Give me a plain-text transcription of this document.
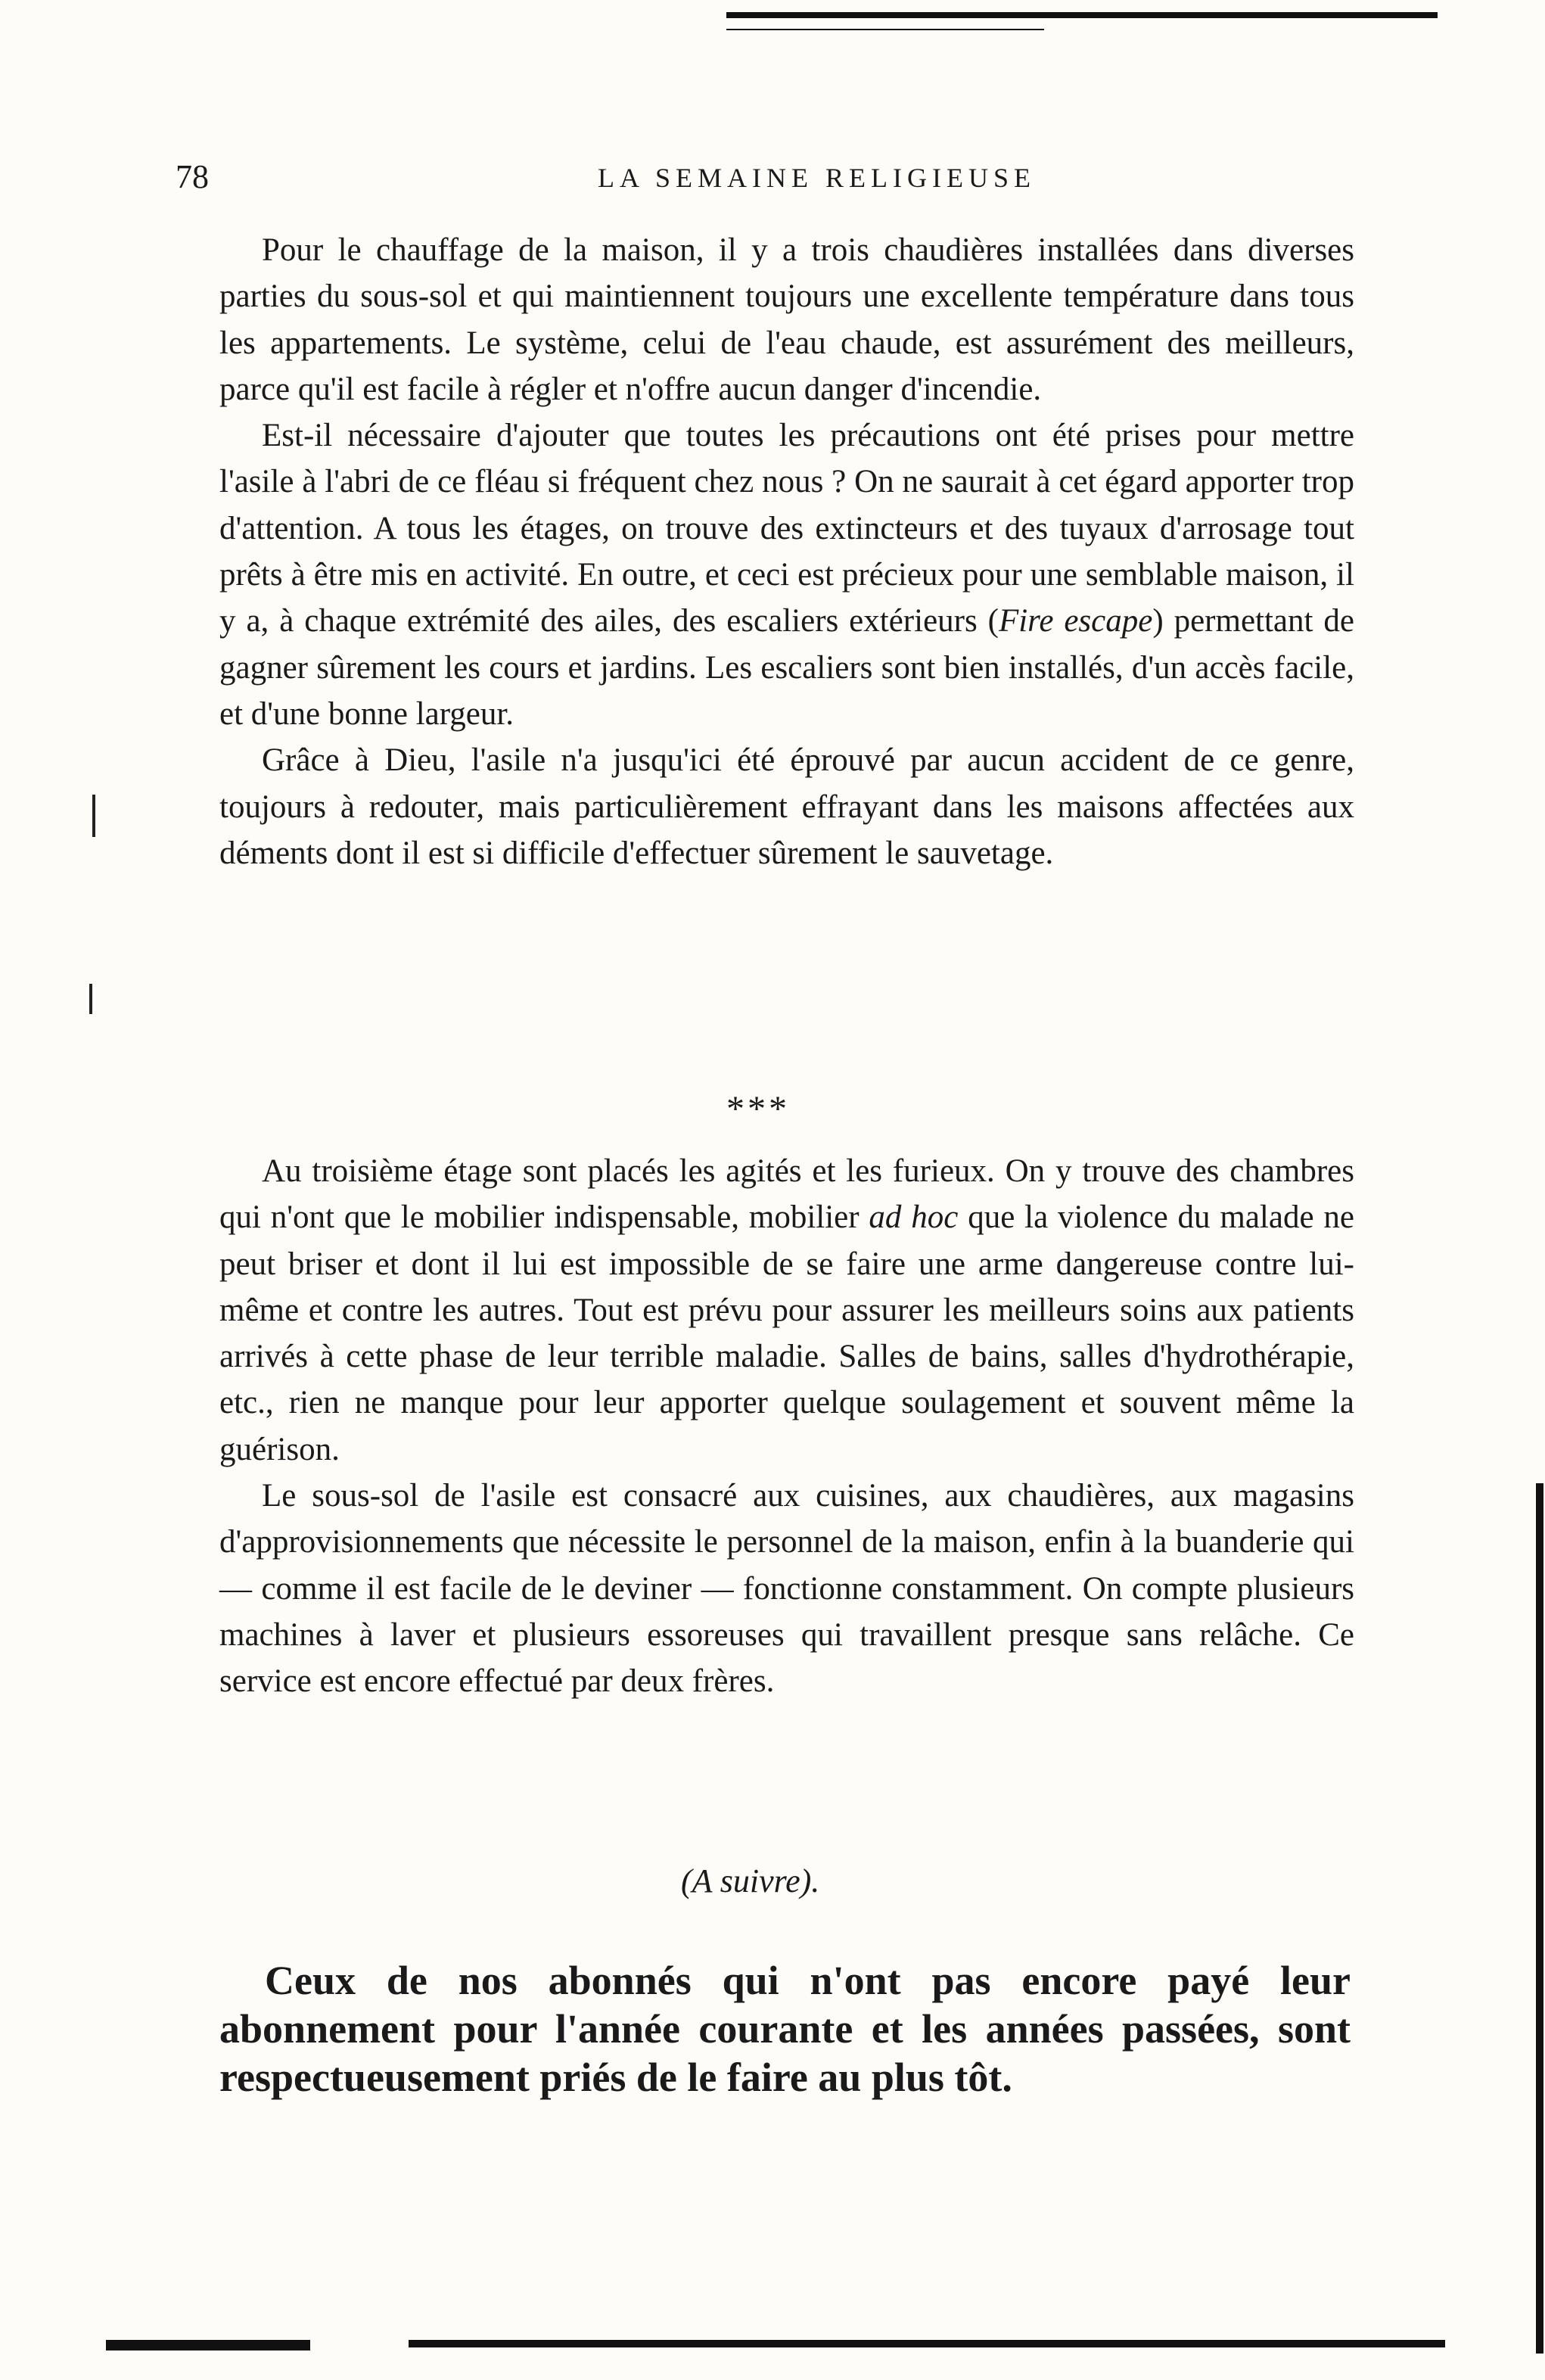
78	LA SEMAINE RELIGIEUSE

Pour le chauffage de la maison, il y a trois chaudières installées dans diverses parties du sous-sol et qui maintiennent toujours une excellente température dans tous les appartements. Le système, celui de l'eau chaude, est assurément des meilleurs, parce qu'il est facile à régler et n'offre aucun danger d'incendie.

Est-il nécessaire d'ajouter que toutes les précautions ont été prises pour mettre l'asile à l'abri de ce fléau si fréquent chez nous ? On ne saurait à cet égard apporter trop d'attention. A tous les étages, on trouve des extincteurs et des tuyaux d'arrosage tout prêts à être mis en activité. En outre, et ceci est précieux pour une semblable maison, il y a, à chaque extrémité des ailes, des escaliers extérieurs (Fire escape) permettant de gagner sûrement les cours et jardins. Les escaliers sont bien installés, d'un accès facile, et d'une bonne largeur.

Grâce à Dieu, l'asile n'a jusqu'ici été éprouvé par aucun accident de ce genre, toujours à redouter, mais particulièrement effrayant dans les maisons affectées aux déments dont il est si difficile d'effectuer sûrement le sauvetage.

***

Au troisième étage sont placés les agités et les furieux. On y trouve des chambres qui n'ont que le mobilier indispensable, mobilier ad hoc que la violence du malade ne peut briser et dont il lui est impossible de se faire une arme dangereuse contre lui-même et contre les autres. Tout est prévu pour assurer les meilleurs soins aux patients arrivés à cette phase de leur terrible maladie. Salles de bains, salles d'hydrothérapie, etc., rien ne manque pour leur apporter quelque soulagement et souvent même la guérison.

Le sous-sol de l'asile est consacré aux cuisines, aux chaudières, aux magasins d'approvisionnements que nécessite le personnel de la maison, enfin à la buanderie qui — comme il est facile de le deviner — fonctionne constamment. On compte plusieurs machines à laver et plusieurs essoreuses qui travaillent presque sans relâche. Ce service est encore effectué par deux frères.

(A suivre).

Ceux de nos abonnés qui n'ont pas encore payé leur abonnement pour l'année courante et les années passées, sont respectueusement priés de le faire au plus tôt.
